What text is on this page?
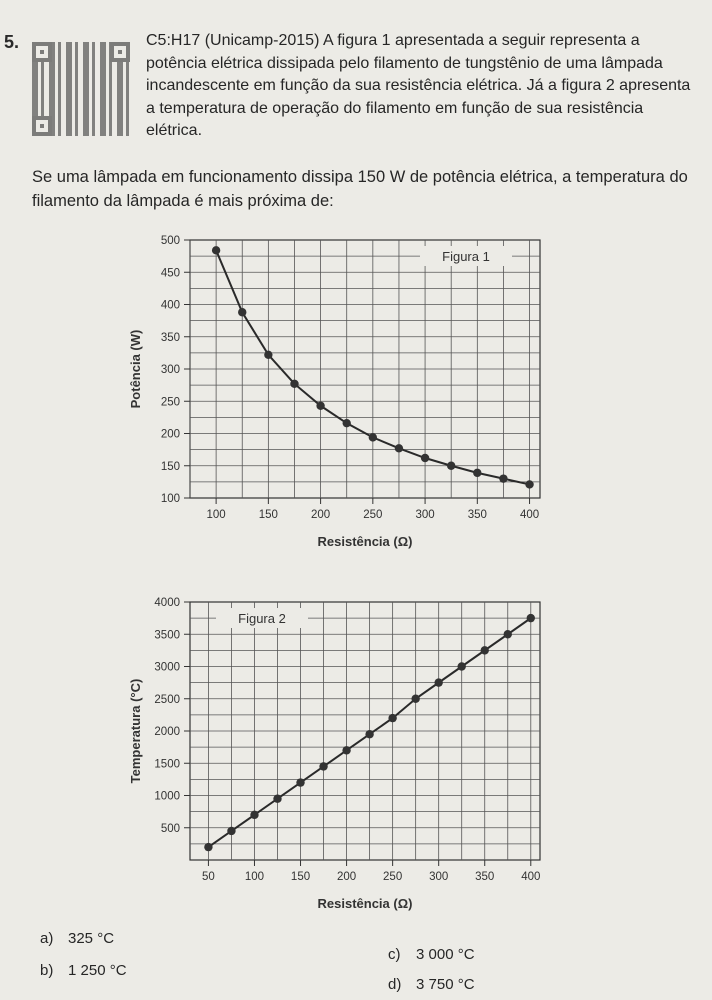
5.	C5:H17 (Unicamp-2015) A figura 1 apresentada a seguir representa a potência elétrica dissipada pelo filamento de tungstênio de uma lâmpada incandescente em função da sua resistência elétrica. Já a figura 2 apresenta a temperatura de operação do filamento em função de sua resistência elétrica.
Se uma lâmpada em funcionamento dissipa 150 W de potência elétrica, a temperatura do filamento da lâmpada é mais próxima de:
100
150
200
250
300
350
400
450
500
100	150	200	250	300	350	400
Resistência (Ω)
Potência (W)
Figura 1
500
1000
1500
2000
2500
3000
3500
4000
50	100 150 200 250 300 350 400
Resistência (Ω)
Temperatura (°C)
Figura 2
a) 325 °C
b) 1 250 °C
c) 3 000 °C
d) 3 750 °C
